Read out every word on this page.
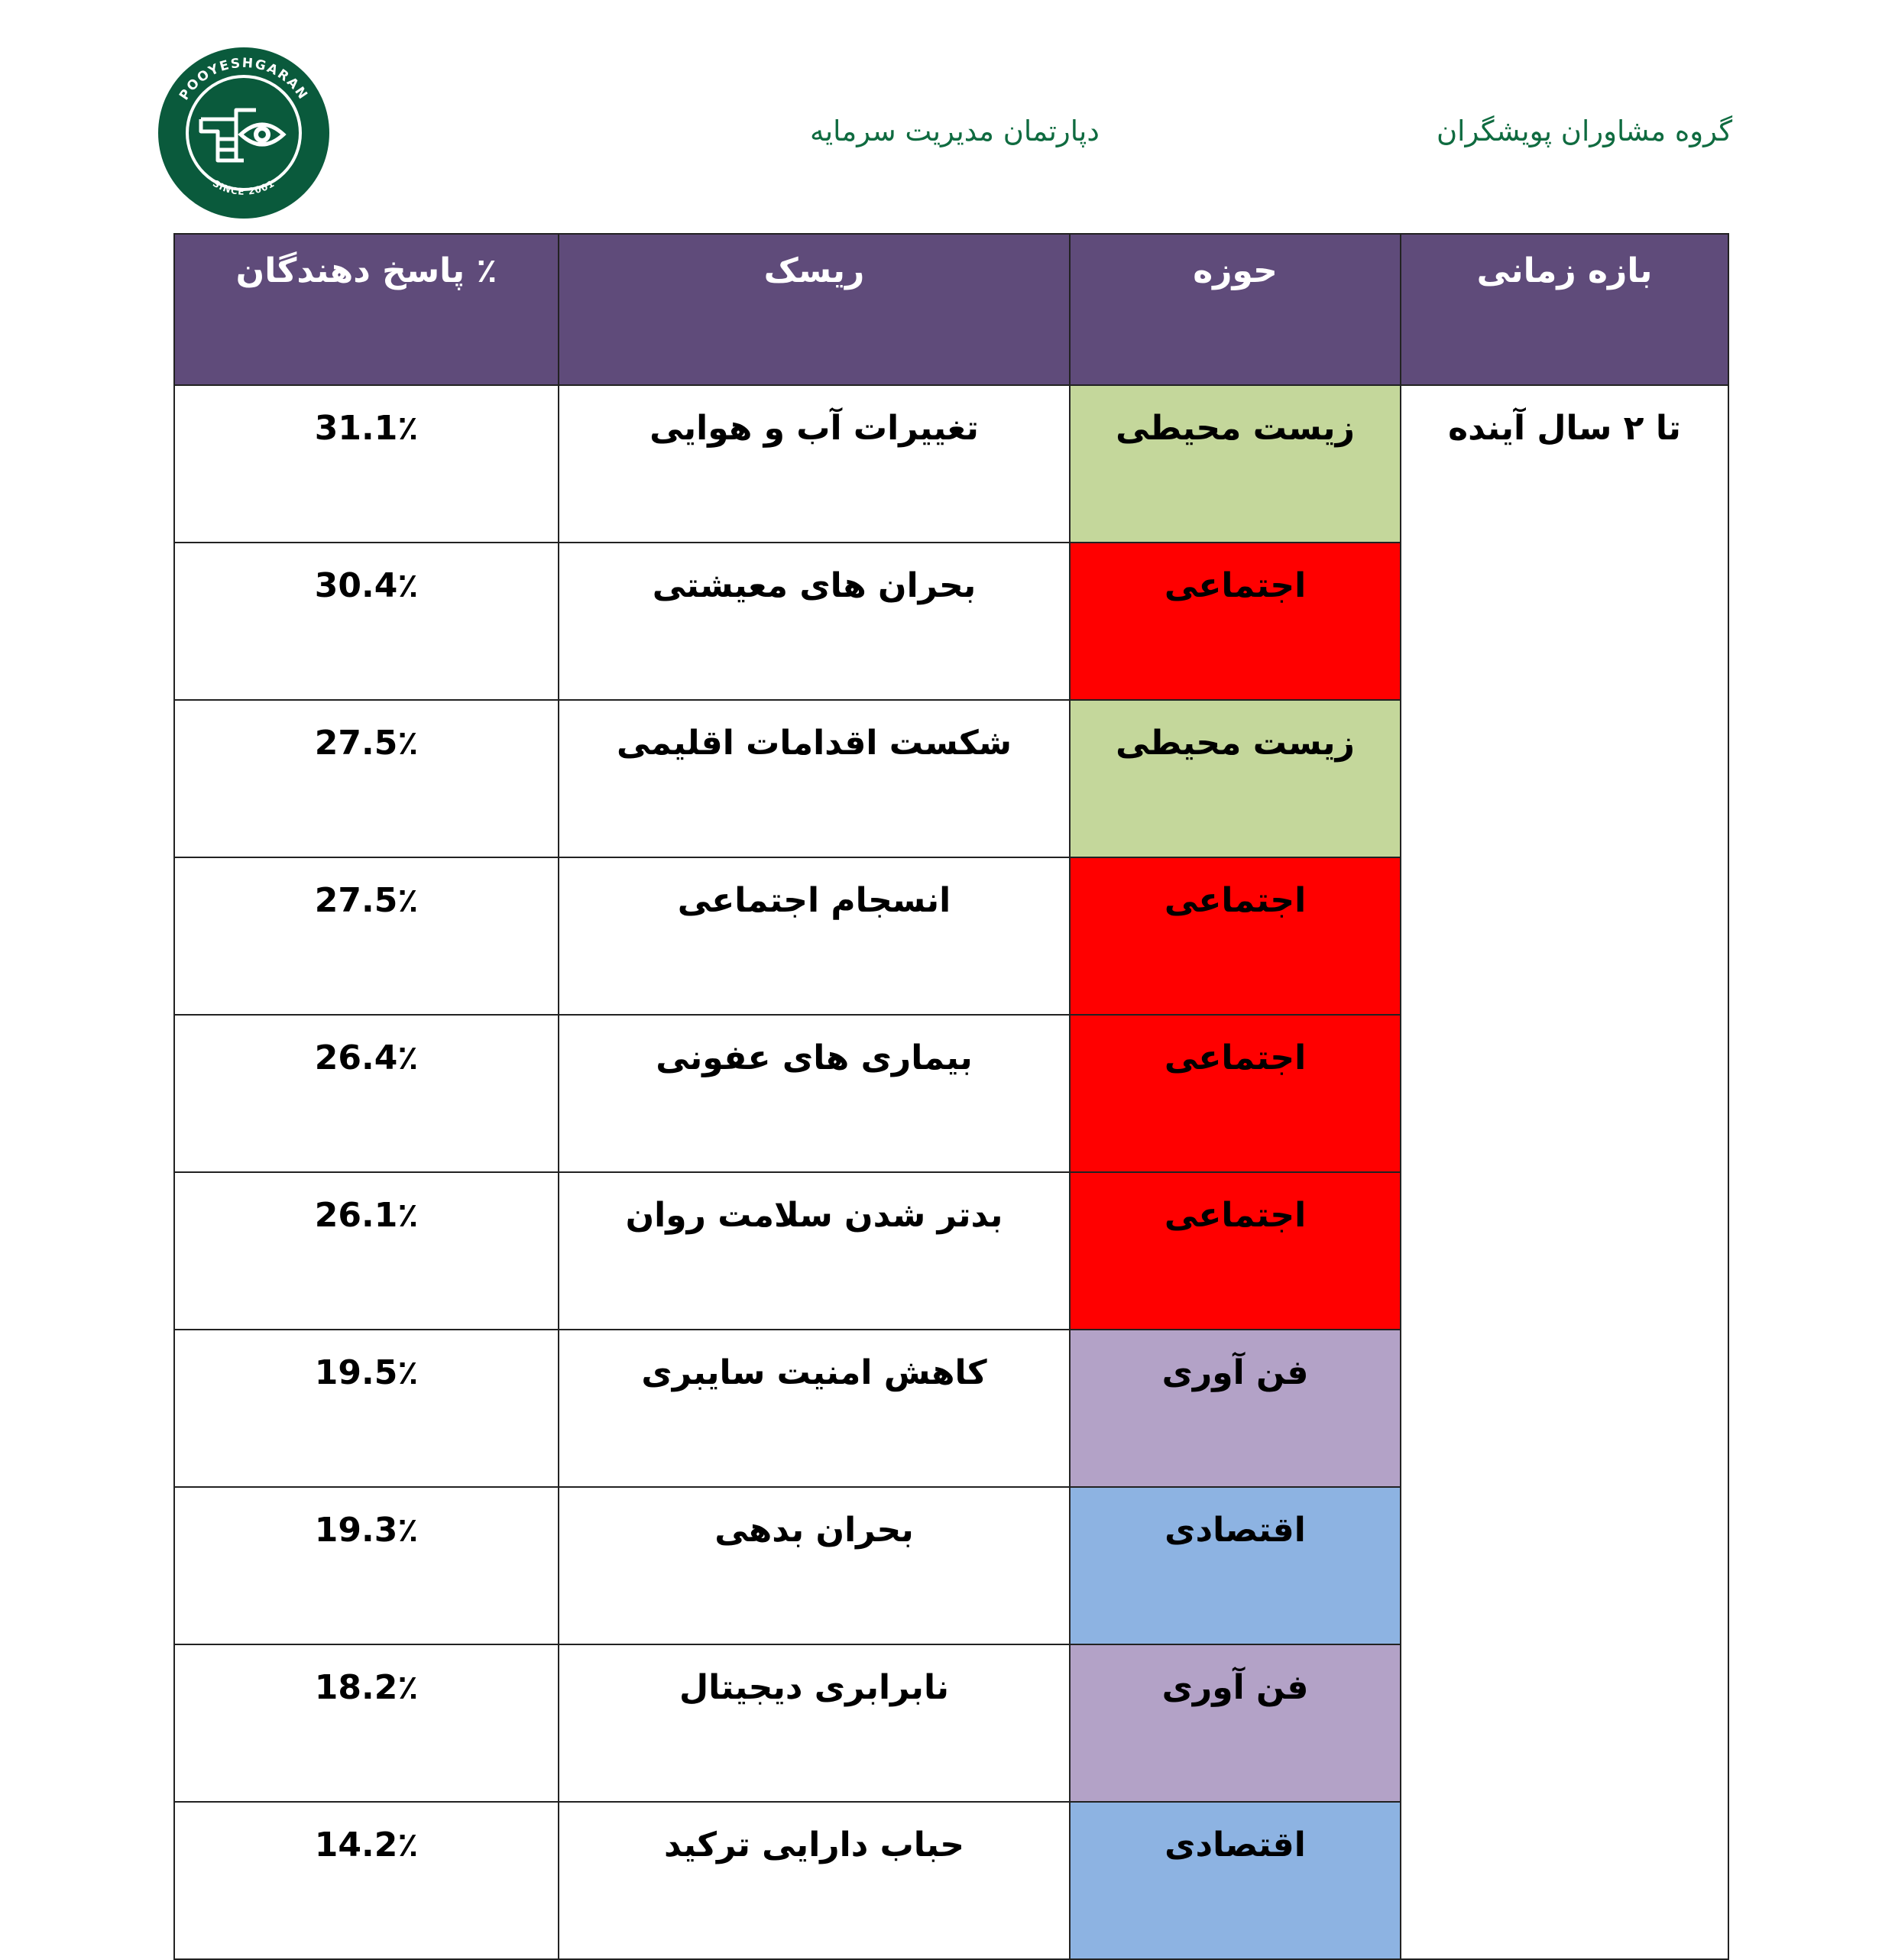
POOYESHGARAN
SINCE 2001
گروه مشاوران پویشگران
دپارتمان مدیریت سرمایه
٪ پاسخ دهندگان	ریسک	حوزه	بازه زمانی
31.1٪	تغییرات آب و هوایی	زیست محیطی	تا ۲ سال آینده
30.4٪	بحران های معیشتی	اجتماعی	
27.5٪	شکست اقدامات اقلیمی	زیست محیطی	
27.5٪	انسجام اجتماعی	اجتماعی	
26.4٪	بیماری های عفونی	اجتماعی	
26.1٪	بدتر شدن سلامت روان	اجتماعی	
19.5٪	کاهش امنیت سایبری	فن آوری	
19.3٪	بحران بدهی	اقتصادی	
18.2٪	نابرابری دیجیتال	فن آوری	
14.2٪	حباب دارایی ترکید	اقتصادی	
